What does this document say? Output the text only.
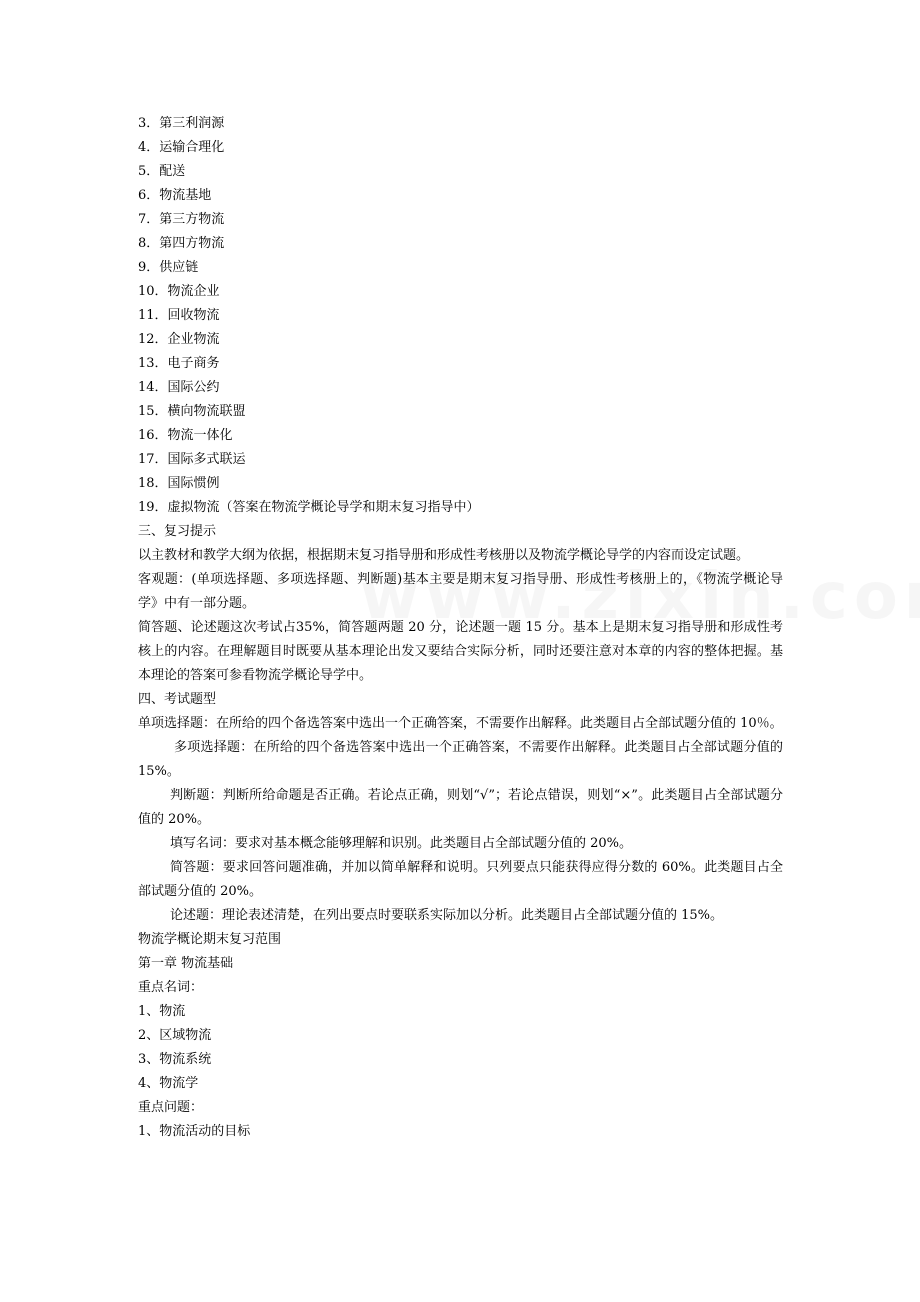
3．第三利润源
4．运输合理化
5．配送
6．物流基地
7．第三方物流
8．第四方物流
9．供应链
10．物流企业
11．回收物流
12．企业物流
13．电子商务
14．国际公约
15．横向物流联盟
16．物流一体化
17．国际多式联运
18．国际惯例
19．虚拟物流（答案在物流学概论导学和期末复习指导中）
三、复习提示

以主教材和教学大纲为依据，根据期末复习指导册和形成性考核册以及物流学概论导学的内容而设定试题。

客观题：(单项选择题、多项选择题、判断题)基本主要是期末复习指导册、形成性考核册上的，《物流学概论导学》中有一部分题。

简答题、论述题这次考试占35%，简答题两题 20 分，论述题一题 15 分。基本上是期末复习指导册和形成性考核上的内容。在理解题目时既要从基本理论出发又要结合实际分析，同时还要注意对本章的内容的整体把握。基本理论的答案可参看物流学概论导学中。

四、考试题型

单项选择题：在所给的四个备选答案中选出一个正确答案，不需要作出解释。此类题目占全部试题分值的 10％。

多项选择题：在所给的四个备选答案中选出一个正确答案，不需要作出解释。此类题目占全部试题分值的 15%。

判断题：判断所给命题是否正确。若论点正确，则划“√”；若论点错误，则划“×”。此类题目占全部试题分值的 20%。

填写名词：要求对基本概念能够理解和识别。此类题目占全部试题分值的 20%。

简答题：要求回答问题准确，并加以简单解释和说明。只列要点只能获得应得分数的 60%。此类题目占全部试题分值的 20%。

论述题：理论表述清楚，在列出要点时要联系实际加以分析。此类题目占全部试题分值的 15%。

物流学概论期末复习范围
第一章 物流基础
重点名词：
1、物流
2、区域物流
3、物流系统
4、物流学
重点问题：
1、物流活动的目标
